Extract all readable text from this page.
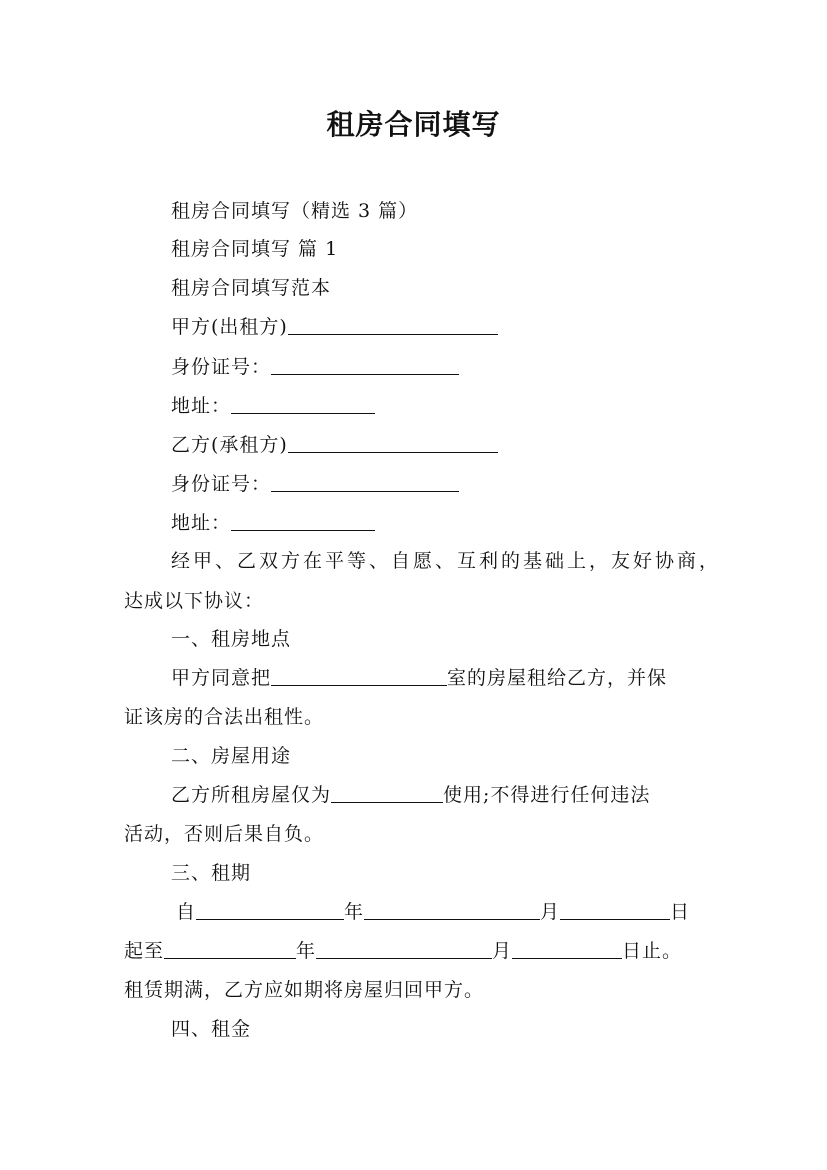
租房合同填写
租房合同填写（精选 3 篇）
租房合同填写 篇 1
租房合同填写范本
甲方(出租方)
身份证号：
地址：
乙方(承租方)
身份证号：
地址：
经甲、乙双方在平等、自愿、互利的基础上，友好协商，
达成以下协议：
一、租房地点
甲方同意把	室的房屋租给乙方，并保
证该房的合法出租性。
二、房屋用途
乙方所租房屋仅为	使用;不得进行任何违法
活动，否则后果自负。
三、租期
自	年	月	日
起至	年	月	日止。
租赁期满，乙方应如期将房屋归回甲方。
四、租金
